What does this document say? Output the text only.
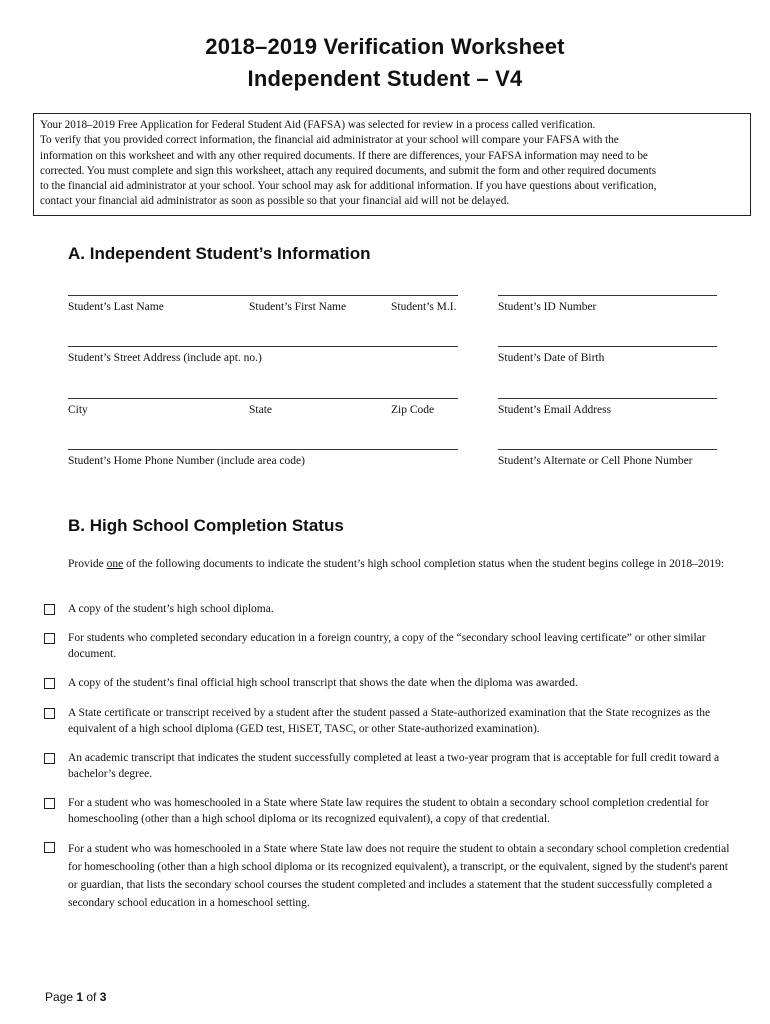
2018–2019 Verification Worksheet
Independent Student – V4

Your 2018–2019 Free Application for Federal Student Aid (FAFSA) was selected for review in a process called verification.

To verify that you provided correct information, the financial aid administrator at your school will compare your FAFSA with the

information on this worksheet and with any other required documents. If there are differences, your FAFSA information may need to be

corrected. You must complete and sign this worksheet, attach any required documents, and submit the form and other required documents

to the financial aid administrator at your school. Your school may ask for additional information. If you have questions about verification,

contact your financial aid administrator as soon as possible so that your financial aid will not be delayed.

A. Independent Student’s Information
Student’s Last Name	Student’s First Name	Student’s M.I.	Student’s ID Number
Student’s Street Address (include apt. no.)	Student’s Date of Birth
City	State	Zip Code	Student’s Email Address
Student’s Home Phone Number (include area code)	Student’s Alternate or Cell Phone Number
B. High School Completion Status
Provide one of the following documents to indicate the student’s high school completion status when the student begins college in 2018–2019:
A copy of the student’s high school diploma.
For students who completed secondary education in a foreign country, a copy of the “secondary school leaving certificate” or other similar document.
A copy of the student’s final official high school transcript that shows the date when the diploma was awarded.
A State certificate or transcript received by a student after the student passed a State-authorized examination that the State recognizes as the equivalent of a high school diploma (GED test, HiSET, TASC, or other State-authorized examination).
An academic transcript that indicates the student successfully completed at least a two-year program that is acceptable for full credit toward a bachelor’s degree.
For a student who was homeschooled in a State where State law requires the student to obtain a secondary school completion credential for homeschooling (other than a high school diploma or its recognized equivalent), a copy of that credential.
For a student who was homeschooled in a State where State law does not require the student to obtain a secondary school completion credential for homeschooling (other than a high school diploma or its recognized equivalent), a transcript, or the equivalent, signed by the student's parent or guardian, that lists the secondary school courses the student completed and includes a statement that the student successfully completed a secondary school education in a homeschool setting.
Page 1 of 3
